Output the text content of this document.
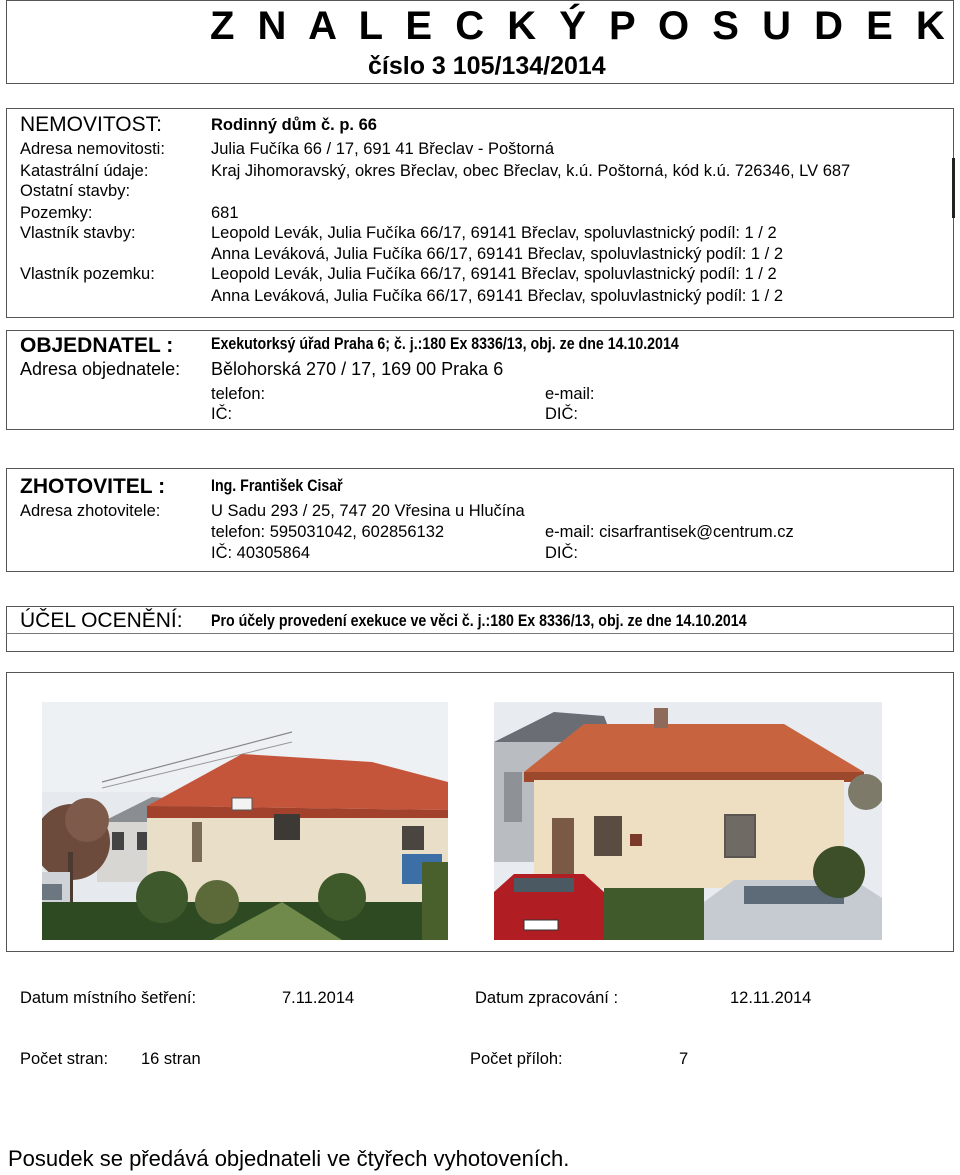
Z N A L E C K Ý P O S U D E K
číslo 3 105/134/2014
NEMOVITOST:	Rodinný dům č. p. 66
Adresa nemovitosti:	Julia Fučíka 66 / 17, 691 41 Břeclav - Poštorná
Katastrální údaje:	Kraj Jihomoravský, okres Břeclav, obec Břeclav, k.ú. Poštorná, kód k.ú. 726346, LV 687
Ostatní stavby:
Pozemky:	681
Vlastník stavby:	Leopold Levák, Julia Fučíka 66/17, 69141 Břeclav, spoluvlastnický podíl: 1 / 2
Anna Leváková, Julia Fučíka 66/17, 69141 Břeclav, spoluvlastnický podíl: 1 / 2
Vlastník pozemku:	Leopold Levák, Julia Fučíka 66/17, 69141 Břeclav, spoluvlastnický podíl: 1 / 2
Anna Leváková, Julia Fučíka 66/17, 69141 Břeclav, spoluvlastnický podíl: 1 / 2
OBJEDNATEL : Exekutorksý úřad Praha 6; č. j.:180 Ex 8336/13, obj. ze dne 14.10.2014
Adresa objednatele: Bělohorská 270 / 17, 169 00 Praka 6
telefon:	e-mail:
IČ:	DIČ:
ZHOTOVITEL :	Ing. František Cisař
Adresa zhotovitele:	U Sadu 293 / 25, 747 20 Vřesina u Hlučína
telefon: 595031042, 602856132	e-mail: cisarfrantisek@centrum.cz
IČ: 40305864	DIČ:
ÚČEL OCENĚNÍ: Pro účely provedení exekuce ve věci č. j.:180 Ex 8336/13, obj. ze dne 14.10.2014
Datum místního šetření:	7.11.2014	Datum zpracování :	12.11.2014
Počet stran: 16 stran	Počet příloh:	7
Posudek se předává objednateli ve čtyřech vyhotoveních.
